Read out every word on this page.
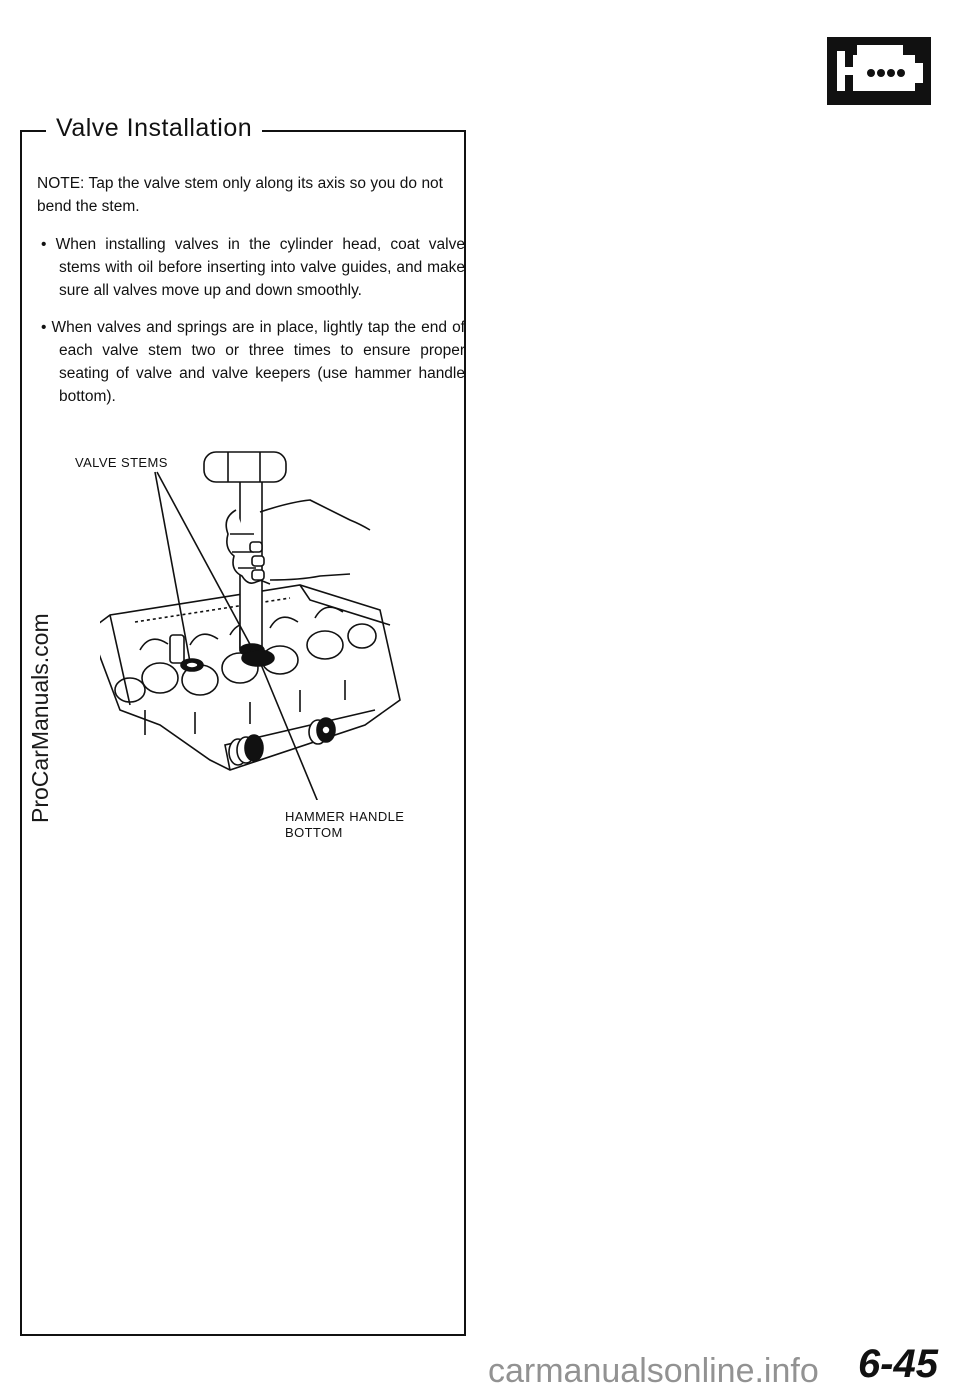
Valve Installation
NOTE: Tap the valve stem only along its axis so you do not bend the stem.
• When installing valves in the cylinder head, coat valve stems with oil before inserting into valve guides, and make sure all valves move up and down smoothly.
• When valves and springs are in place, lightly tap the end of each valve stem two or three times to ensure proper seating of valve and valve keepers (use hammer handle bottom).
VALVE STEMS
HAMMER HANDLE
BOTTOM
ProCarManuals.com
6-45
carmanualsonline.info
